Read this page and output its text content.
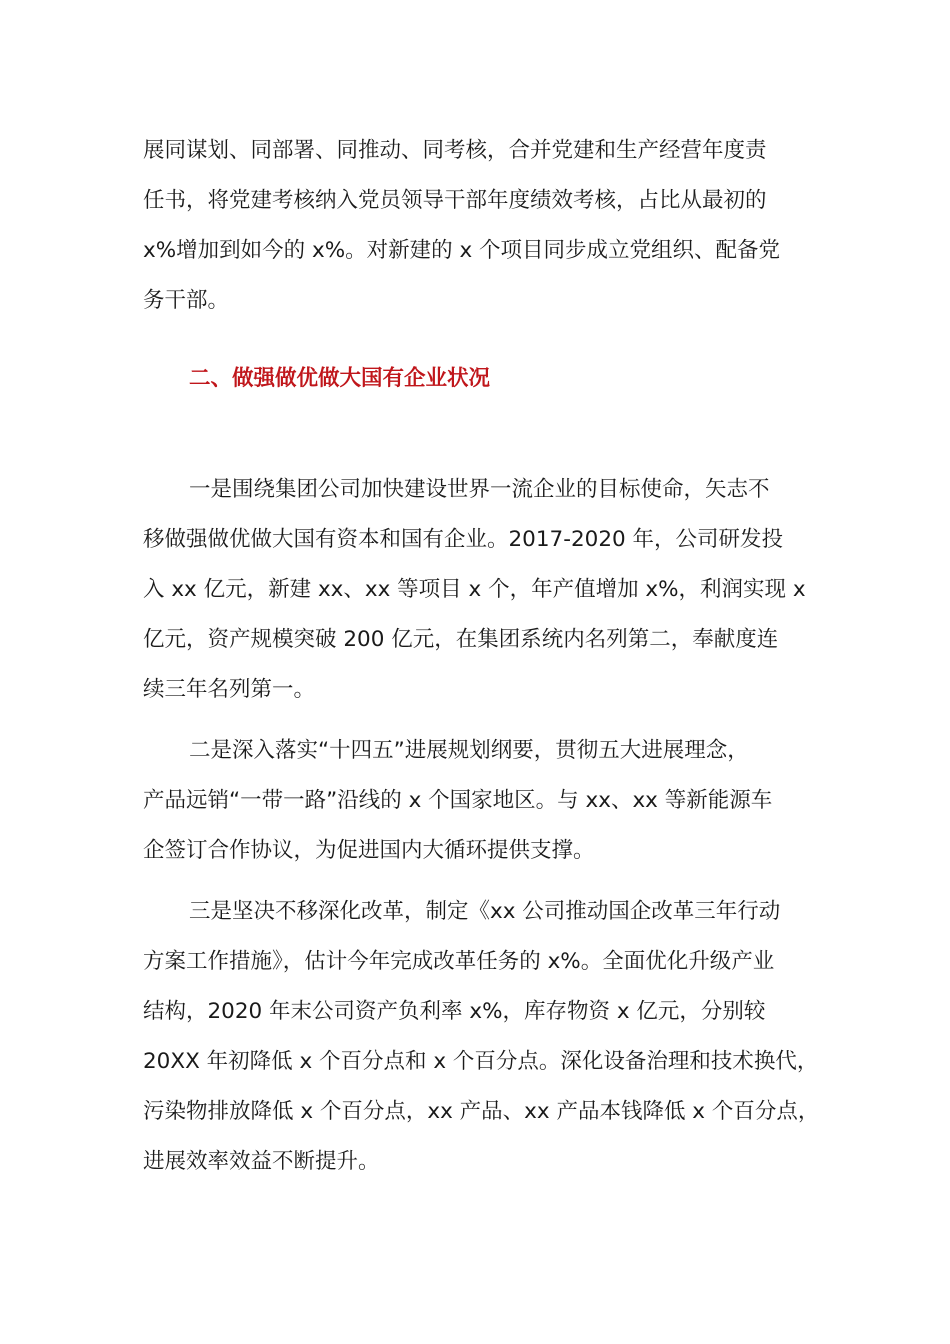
展同谋划、同部署、同推动、同考核，合并党建和生产经营年度责
任书，将党建考核纳入党员领导干部年度绩效考核，占比从最初的
x%增加到如今的 x%。对新建的 x 个项目同步成立党组织、配备党
务干部。
二、做强做优做大国有企业状况
一是围绕集团公司加快建设世界一流企业的目标使命，矢志不
移做强做优做大国有资本和国有企业。2017-2020 年，公司研发投
入 xx 亿元，新建 xx、xx 等项目 x 个，年产值增加 x%，利润实现 x
亿元，资产规模突破 200 亿元，在集团系统内名列第二，奉献度连
续三年名列第一。
二是深入落实“十四五”进展规划纲要，贯彻五大进展理念，
产品远销“一带一路”沿线的 x 个国家地区。与 xx、xx 等新能源车
企签订合作协议，为促进国内大循环提供支撑。
三是坚决不移深化改革，制定《xx 公司推动国企改革三年行动
方案工作措施》，估计今年完成改革任务的 x%。全面优化升级产业
结构，2020 年末公司资产负利率 x%，库存物资 x 亿元，分别较
20XX 年初降低 x 个百分点和 x 个百分点。深化设备治理和技术换代，
污染物排放降低 x 个百分点，xx 产品、xx 产品本钱降低 x 个百分点，
进展效率效益不断提升。
